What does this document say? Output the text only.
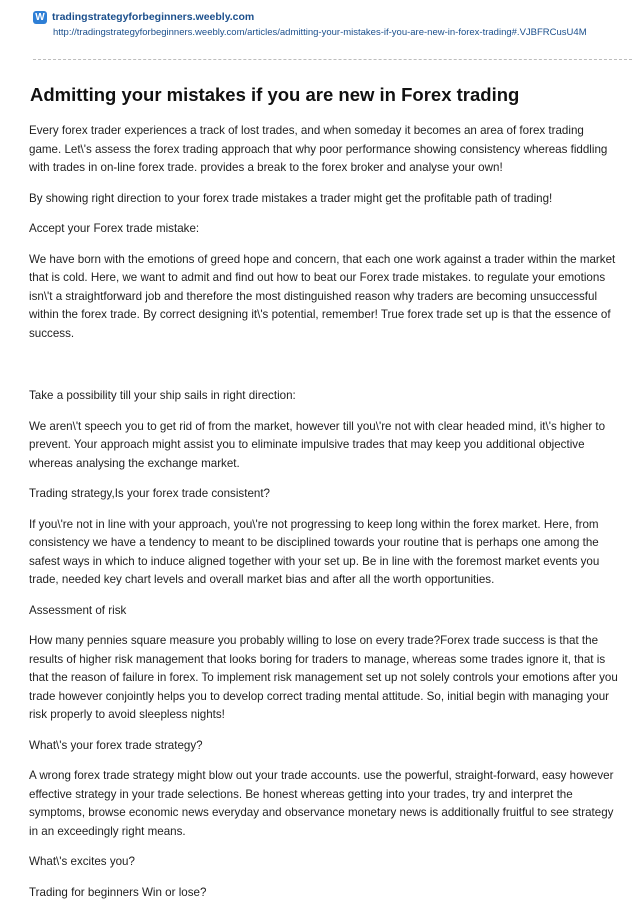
W tradingstrategyforbeginners.weebly.com
http://tradingstrategyforbeginners.weebly.com/articles/admitting-your-mistakes-if-you-are-new-in-forex-trading#.VJBFRCusU4M
Admitting your mistakes if you are new in Forex trading

Every forex trader experiences a track of lost trades, and when someday it becomes an area of forex trading game. Let\'s assess the forex trading approach that why poor performance showing consistency whereas fiddling with trades in on-line forex trade. provides a break to the forex broker and analyse your own!

By showing right direction to your forex trade mistakes a trader might get the profitable path of trading!

Accept your Forex trade mistake:

We have born with the emotions of greed hope and concern, that each one work against a trader within the market that is cold. Here, we want to admit and find out how to beat our Forex trade mistakes. to regulate your emotions isn\'t a straightforward job and therefore the most distinguished reason why traders are becoming unsuccessful within the forex trade. By correct designing it\'s potential, remember! True forex trade set up is that the essence of success.

Take a possibility till your ship sails in right direction:

We aren\'t speech you to get rid of from the market, however till you\'re not with clear headed mind, it\'s higher to prevent. Your approach might assist you to eliminate impulsive trades that may keep you additional objective whereas analysing the exchange market.

Trading strategy,Is your forex trade consistent?

If you\'re not in line with your approach, you\'re not progressing to keep long within the forex market. Here, from consistency we have a tendency to meant to be disciplined towards your routine that is perhaps one among the safest ways in which to induce aligned together with your set up. Be in line with the foremost market events you trade, needed key chart levels and overall market bias and after all the worth opportunities.

Assessment of risk

How many pennies square measure you probably willing to lose on every trade?Forex trade success is that the results of higher risk management that looks boring for traders to manage, whereas some trades ignore it, that is that the reason of failure in forex. To implement risk management set up not solely controls your emotions after you trade however conjointly helps you to develop correct trading mental attitude. So, initial begin with managing your risk properly to avoid sleepless nights!

What\'s your forex trade strategy?

A wrong forex trade strategy might blow out your trade accounts. use the powerful, straight-forward, easy however effective strategy in your trade selections. Be honest whereas getting into your trades, try and interpret the symptoms, browse economic news everyday and observance monetary news is additionally fruitful to see strategy in an exceedingly right means.

What\'s excites you?

Trading for beginners Win or lose?
